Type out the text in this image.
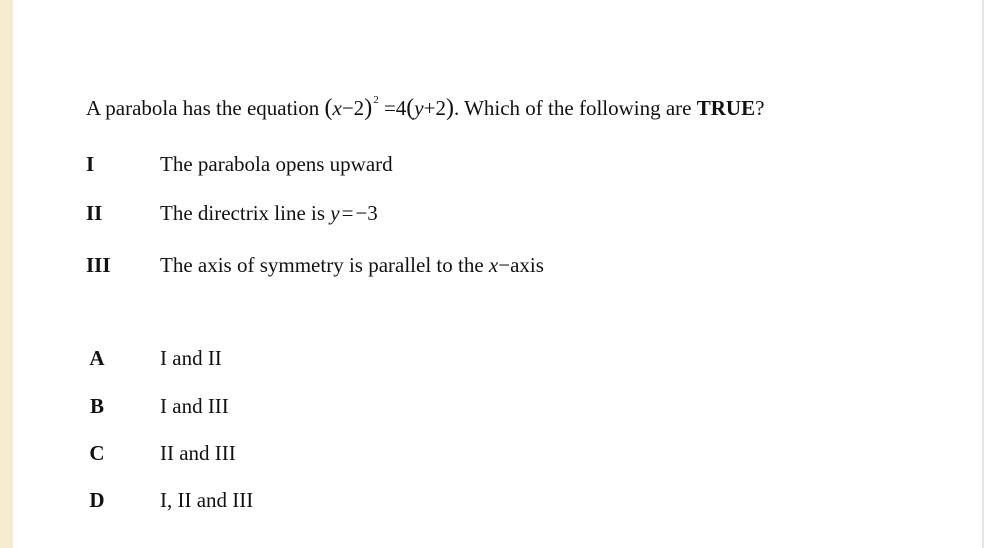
A parabola has the equation $(x-2)^2 =4(y+2)$. Which of the following are TRUE?
I	The parabola opens upward
II	The directrix line is y=−3
III The axis of symmetry is parallel to the x−axis
A	I and II
B	I and III
C	II and III
D	I, II and III
